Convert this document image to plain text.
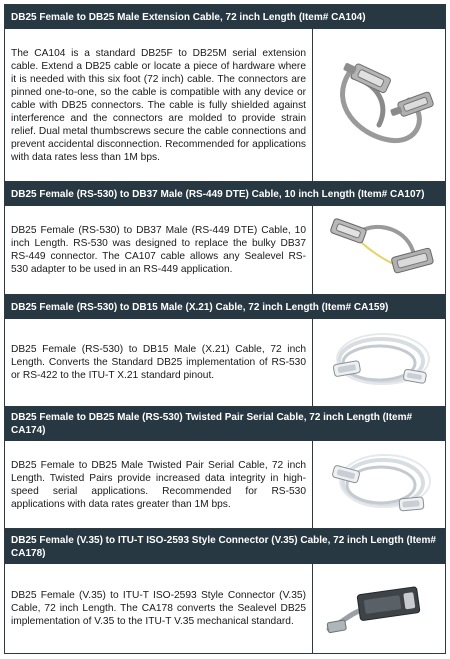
DB25 Female to DB25 Male Extension Cable, 72 inch Length (Item# CA104)
The CA104 is a standard DB25F to DB25M serial extension cable. Extend a DB25 cable or locate a piece of hardware where it is needed with this six foot (72 inch) cable. The connectors are pinned one-to-one, so the cable is compatible with any device or cable with DB25 connectors. The cable is fully shielded against interference and the connectors are molded to provide strain relief. Dual metal thumbscrews secure the cable connections and prevent accidental disconnection. Recommended for applications with data rates less than 1M bps.
DB25 Female (RS-530) to DB37 Male (RS-449 DTE) Cable, 10 inch Length (Item# CA107)
DB25 Female (RS-530) to DB37 Male (RS-449 DTE) Cable, 10 inch Length. RS-530 was designed to replace the bulky DB37 RS-449 connector. The CA107 cable allows any Sealevel RS-530 adapter to be used in an RS-449 application.
DB25 Female (RS-530) to DB15 Male (X.21) Cable, 72 inch Length (Item# CA159)
DB25 Female (RS-530) to DB15 Male (X.21) Cable, 72 inch Length. Converts the Standard DB25 implementation of RS-530 or RS-422 to the ITU-T X.21 standard pinout.
DB25 Female to DB25 Male (RS-530) Twisted Pair Serial Cable, 72 inch Length (Item# CA174)
DB25 Female to DB25 Male Twisted Pair Serial Cable, 72 inch Length. Twisted Pairs provide increased data integrity in high-speed serial applications. Recommended for RS-530 applications with data rates greater than 1M bps.
DB25 Female (V.35) to ITU-T ISO-2593 Style Connector (V.35) Cable, 72 inch Length (Item# CA178)
DB25 Female (V.35) to ITU-T ISO-2593 Style Connector (V.35) Cable, 72 inch Length. The CA178 converts the Sealevel DB25 implementation of V.35 to the ITU-T V.35 mechanical standard.
